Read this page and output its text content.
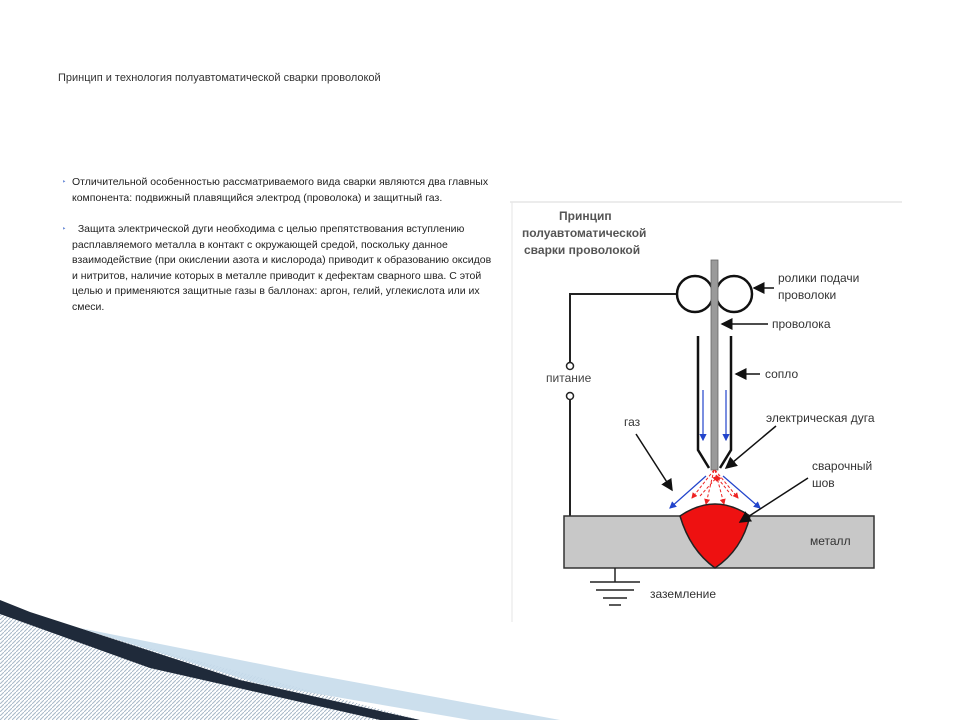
Принцип и технология полуавтоматической сварки проволокой
‣ Отличительной особенностью рассматриваемого вида сварки являются два главных компонента: подвижный плавящийся электрод (проволока) и защитный газ.
‣ Защита электрической дуги необходима с целью препятствования вступлению расплавляемого металла в контакт с окружающей средой, поскольку данное взаимодействие (при окислении азота и кислорода) приводит к образованию оксидов и нитритов, наличие которых в металле приводит к дефектам сварного шва. С этой целью и применяются защитные газы в баллонах: аргон, гелий, углекислота или их смеси.
Принцип
полуавтоматической
сварки проволокой
питание
металл
заземление
ролики подачи
проволоки
проволока
сопло
газ	электрическая дуга
сварочный
шов
